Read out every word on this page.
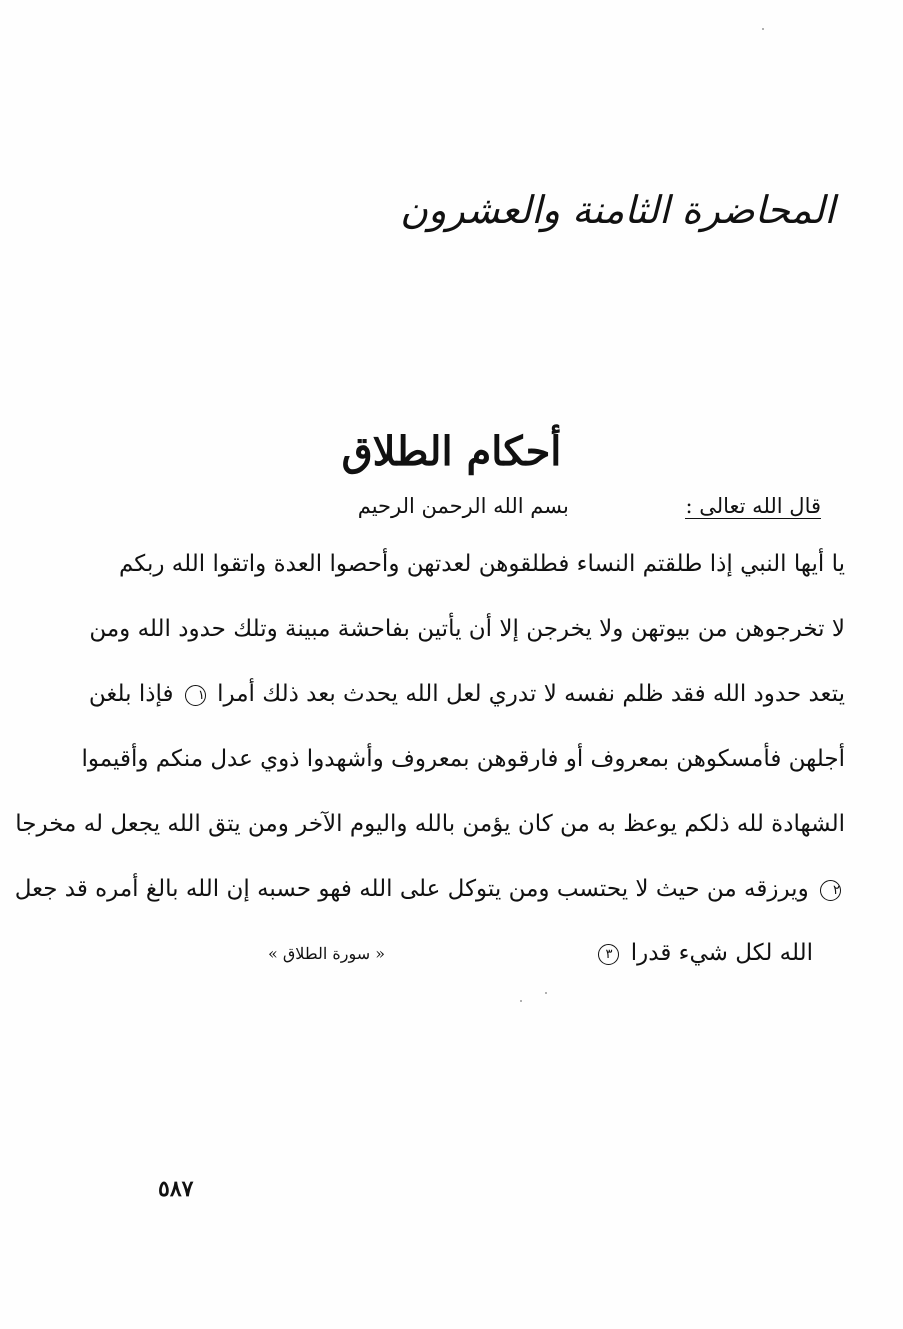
المحاضرة الثامنة والعشرون
أحكام الطلاق
قال الله تعالى : بسم الله الرحمن الرحيم
يا أيها النبي إذا طلقتم النساء فطلقوهن لعدتهن وأحصوا العدة واتقوا الله ربكم
لا تخرجوهن من بيوتهن ولا يخرجن إلا أن يأتين بفاحشة مبينة وتلك حدود الله ومن
يتعد حدود الله فقد ظلم نفسه لا تدري لعل الله يحدث بعد ذلك أمرا ١ فإذا بلغن
أجلهن فأمسكوهن بمعروف أو فارقوهن بمعروف وأشهدوا ذوي عدل منكم وأقيموا
الشهادة لله ذلكم يوعظ به من كان يؤمن بالله واليوم الآخر ومن يتق الله يجعل له مخرجا
٢ ويرزقه من حيث لا يحتسب ومن يتوكل على الله فهو حسبه إن الله بالغ أمره قد جعل
الله لكل شيء قدرا ٣
« سورة الطلاق »
٥٨٧
